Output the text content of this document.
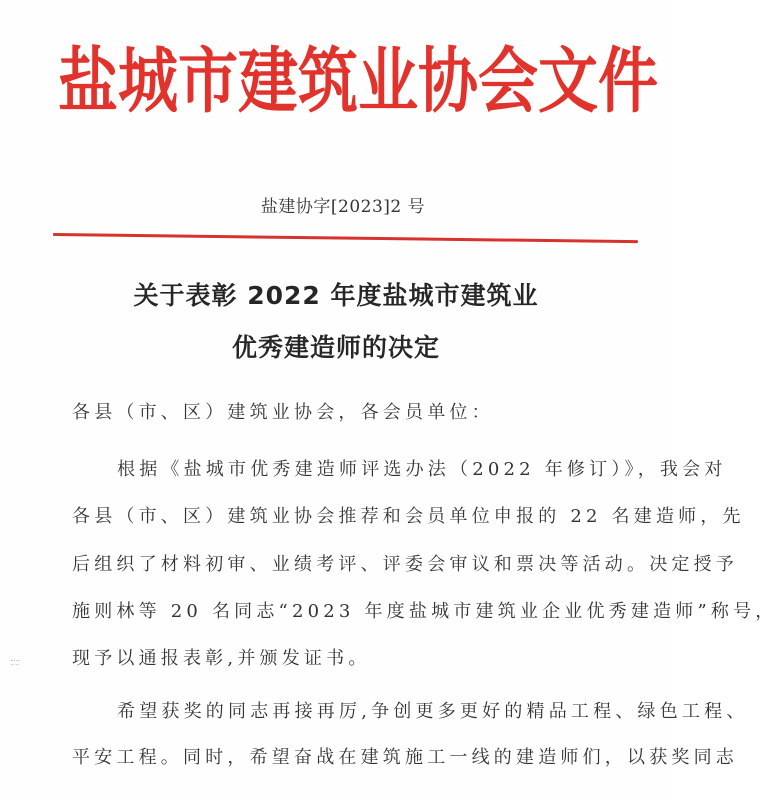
盐 城 市 建 筑 业 协 会 文 件
盐建协字[2023]2 号
关于表彰 2022 年度盐城市建筑业
优秀建造师的决定
各县（市、区）建筑业协会，各会员单位：
根据《盐城市优秀建造师评选办法（2022 年修订）》，我会对
各县（市、区）建筑业协会推荐和会员单位申报的 22 名建造师，先
后组织了材料初审、业绩考评、评委会审议和票决等活动。决定授予
施则林等 20 名同志“2023 年度盐城市建筑业企业优秀建造师”称号，
现予以通报表彰,并颁发证书。
希望获奖的同志再接再厉,争创更多更好的精品工程、绿色工程、
平安工程。同时，希望奋战在建筑施工一线的建造师们，以获奖同志
